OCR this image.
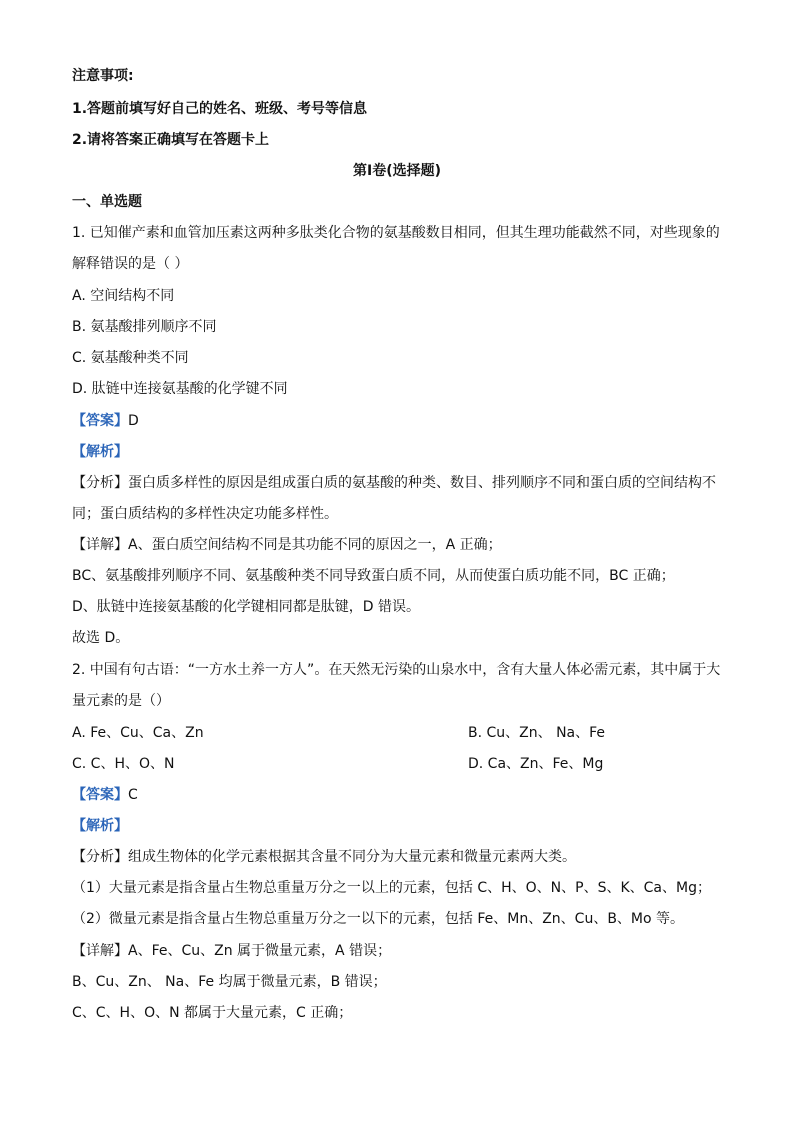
注意事项:
1.答题前填写好自己的姓名、班级、考号等信息
2.请将答案正确填写在答题卡上
第I卷(选择题)
一、单选题
1. 已知催产素和血管加压素这两种多肽类化合物的氨基酸数目相同，但其生理功能截然不同，对些现象的
解释错误的是（ ）
A. 空间结构不同
B. 氨基酸排列顺序不同
C. 氨基酸种类不同
D. 肽链中连接氨基酸的化学键不同
【答案】D
【解析】
【分析】蛋白质多样性的原因是组成蛋白质的氨基酸的种类、数目、排列顺序不同和蛋白质的空间结构不
同；蛋白质结构的多样性决定功能多样性。
【详解】A、蛋白质空间结构不同是其功能不同的原因之一，A 正确；
BC、氨基酸排列顺序不同、氨基酸种类不同导致蛋白质不同，从而使蛋白质功能不同，BC 正确；
D、肽链中连接氨基酸的化学键相同都是肽键，D 错误。
故选 D。
2. 中国有句古语：“一方水土养一方人”。在天然无污染的山泉水中，含有大量人体必需元素，其中属于大
量元素的是（）
A. Fe、Cu、Ca、Zn	B. Cu、Zn、 Na、Fe
C. C、H、O、N	D. Ca、Zn、Fe、Mg
【答案】C
【解析】
【分析】组成生物体的化学元素根据其含量不同分为大量元素和微量元素两大类。
（1）大量元素是指含量占生物总重量万分之一以上的元素，包括 C、H、O、N、P、S、K、Ca、Mg；
（2）微量元素是指含量占生物总重量万分之一以下的元素，包括 Fe、Mn、Zn、Cu、B、Mo 等。
【详解】A、Fe、Cu、Zn 属于微量元素，A 错误；
B、Cu、Zn、 Na、Fe 均属于微量元素，B 错误；
C、C、H、O、N 都属于大量元素，C 正确；
